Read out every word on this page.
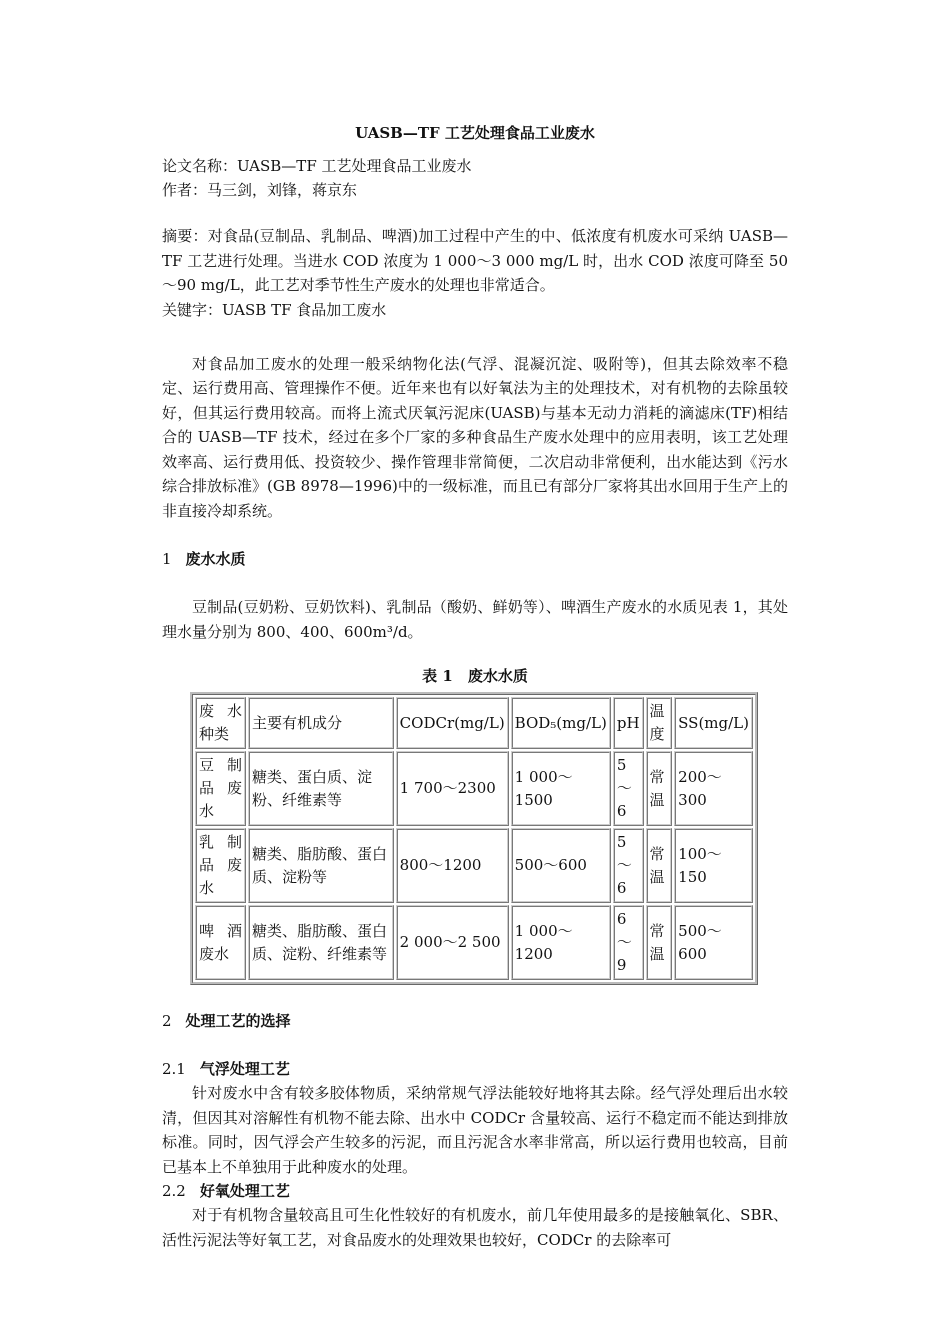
UASB—TF 工艺处理食品工业废水

论文名称：UASB—TF 工艺处理食品工业废水

作者：马三剑，刘锋，蒋京东

摘要：对食品(豆制品、乳制品、啤酒)加工过程中产生的中、低浓度有机废水可采纳 UASB—TF 工艺进行处理。当进水 COD 浓度为 1 000～3 000 mg/L 时，出水 COD 浓度可降至 50～90 mg/L，此工艺对季节性生产废水的处理也非常适合。

关键字：UASB TF 食品加工废水

对食品加工废水的处理一般采纳物化法(气浮、混凝沉淀、吸附等)，但其去除效率不稳定、运行费用高、管理操作不便。近年来也有以好氧法为主的处理技术，对有机物的去除虽较好，但其运行费用较高。而将上流式厌氧污泥床(UASB)与基本无动力消耗的滴滤床(TF)相结合的 UASB—TF 技术，经过在多个厂家的多种食品生产废水处理中的应用表明，该工艺处理效率高、运行费用低、投资较少、操作管理非常简便，二次启动非常便利，出水能达到《污水综合排放标准》(GB 8978—1996)中的一级标准，而且已有部分厂家将其出水回用于生产上的非直接冷却系统。

1 废水水质

豆制品(豆奶粉、豆奶饮料)、乳制品（酸奶、鲜奶等）、啤酒生产废水的水质见表 1，其处理水量分别为 800、400、600m³/d。

表 1　废水水质

废水种类	主要有机成分	CODCr(mg/L)	BOD₅(mg/L)	pH	温度	SS(mg/L)
豆制品废水	糖类、蛋白质、淀粉、纤维素等	1 700～2300	1 000～1500	5～6	常温	200～300
乳制品废水	糖类、脂肪酸、蛋白质、淀粉等	800～1200	500～600	5～6	常温	100～150
啤酒废水	糖类、脂肪酸、蛋白质、淀粉、纤维素等	2 000～2 500	1 000～1200	6～9	常温	500～600

2 处理工艺的选择

2.1 气浮处理工艺

针对废水中含有较多胶体物质，采纳常规气浮法能较好地将其去除。经气浮处理后出水较清，但因其对溶解性有机物不能去除、出水中 CODCr 含量较高、运行不稳定而不能达到排放标准。同时，因气浮会产生较多的污泥，而且污泥含水率非常高，所以运行费用也较高，目前已基本上不单独用于此种废水的处理。

2.2 好氧处理工艺

对于有机物含量较高且可生化性较好的有机废水，前几年使用最多的是接触氧化、SBR、活性污泥法等好氧工艺，对食品废水的处理效果也较好，CODCr 的去除率可
